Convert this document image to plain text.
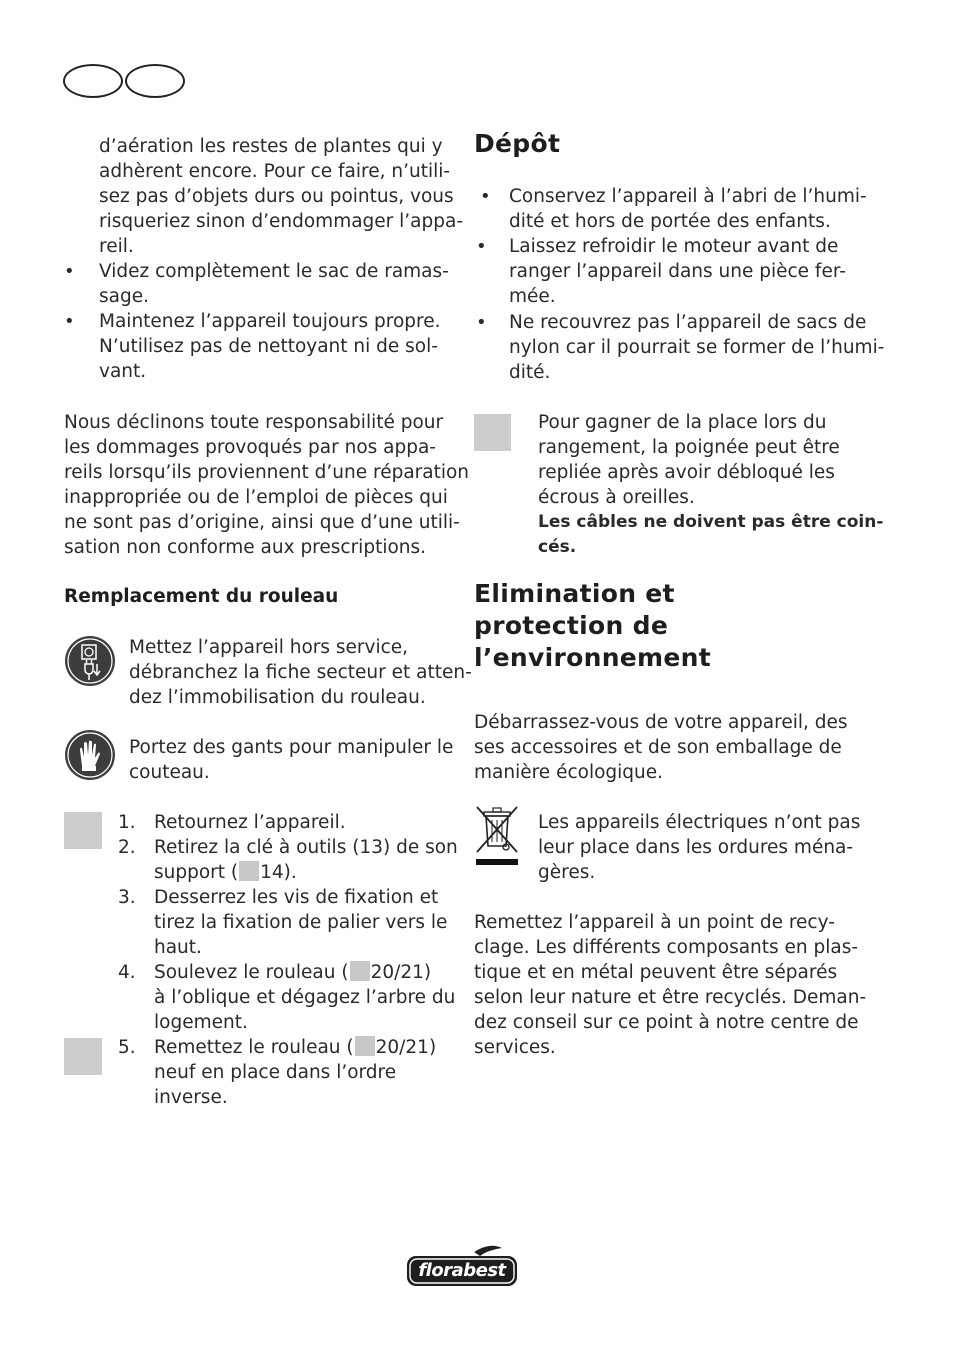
d’aération les restes de plantes qui y
adhèrent encore. Pour ce faire, n’utili-
sez pas d’objets durs ou pointus, vous
risqueriez sinon d’endommager l’appa-
reil.
• Videz complètement le sac de ramas-
sage.
• Maintenez l’appareil toujours propre.
N’utilisez pas de nettoyant ni de sol-
vant.
Nous déclinons toute responsabilité pour
les dommages provoqués par nos appa-
reils lorsqu’ils proviennent d’une réparation
inappropriée ou de l’emploi de pièces qui
ne sont pas d’origine, ainsi que d’une utili-
sation non conforme aux prescriptions.
Remplacement du rouleau
Mettez l’appareil hors service,
débranchez la fiche secteur et atten-
dez l’immobilisation du rouleau.
Portez des gants pour manipuler le
couteau.
1. Retournez l’appareil.
2. Retirez la clé à outils (13) de son
support ( 14).
3. Desserrez les vis de fixation et
tirez la fixation de palier vers le
haut.
4. Soulevez le rouleau ( 20/21)
à l’oblique et dégagez l’arbre du
logement.
5. Remettez le rouleau ( 20/21)
neuf en place dans l’ordre
inverse.
Dépôt
• Conservez l’appareil à l’abri de l’humi-
dité et hors de portée des enfants.
• Laissez refroidir le moteur avant de
ranger l’appareil dans une pièce fer-
mée.
• Ne recouvrez pas l’appareil de sacs de
nylon car il pourrait se former de l’humi-
dité.
Pour gagner de la place lors du
rangement, la poignée peut être
repliée après avoir débloqué les
écrous à oreilles.
Les câbles ne doivent pas être coin-
cés.
Elimination et
protection de
l’environnement
Débarrassez-vous de votre appareil, des
ses accessoires et de son emballage de
manière écologique.
Les appareils électriques n’ont pas
leur place dans les ordures ména-
gères.
Remettez l’appareil à un point de recy-
clage. Les différents composants en plas-
tique et en métal peuvent être séparés
selon leur nature et être recyclés. Deman-
dez conseil sur ce point à notre centre de
services.
florabest
